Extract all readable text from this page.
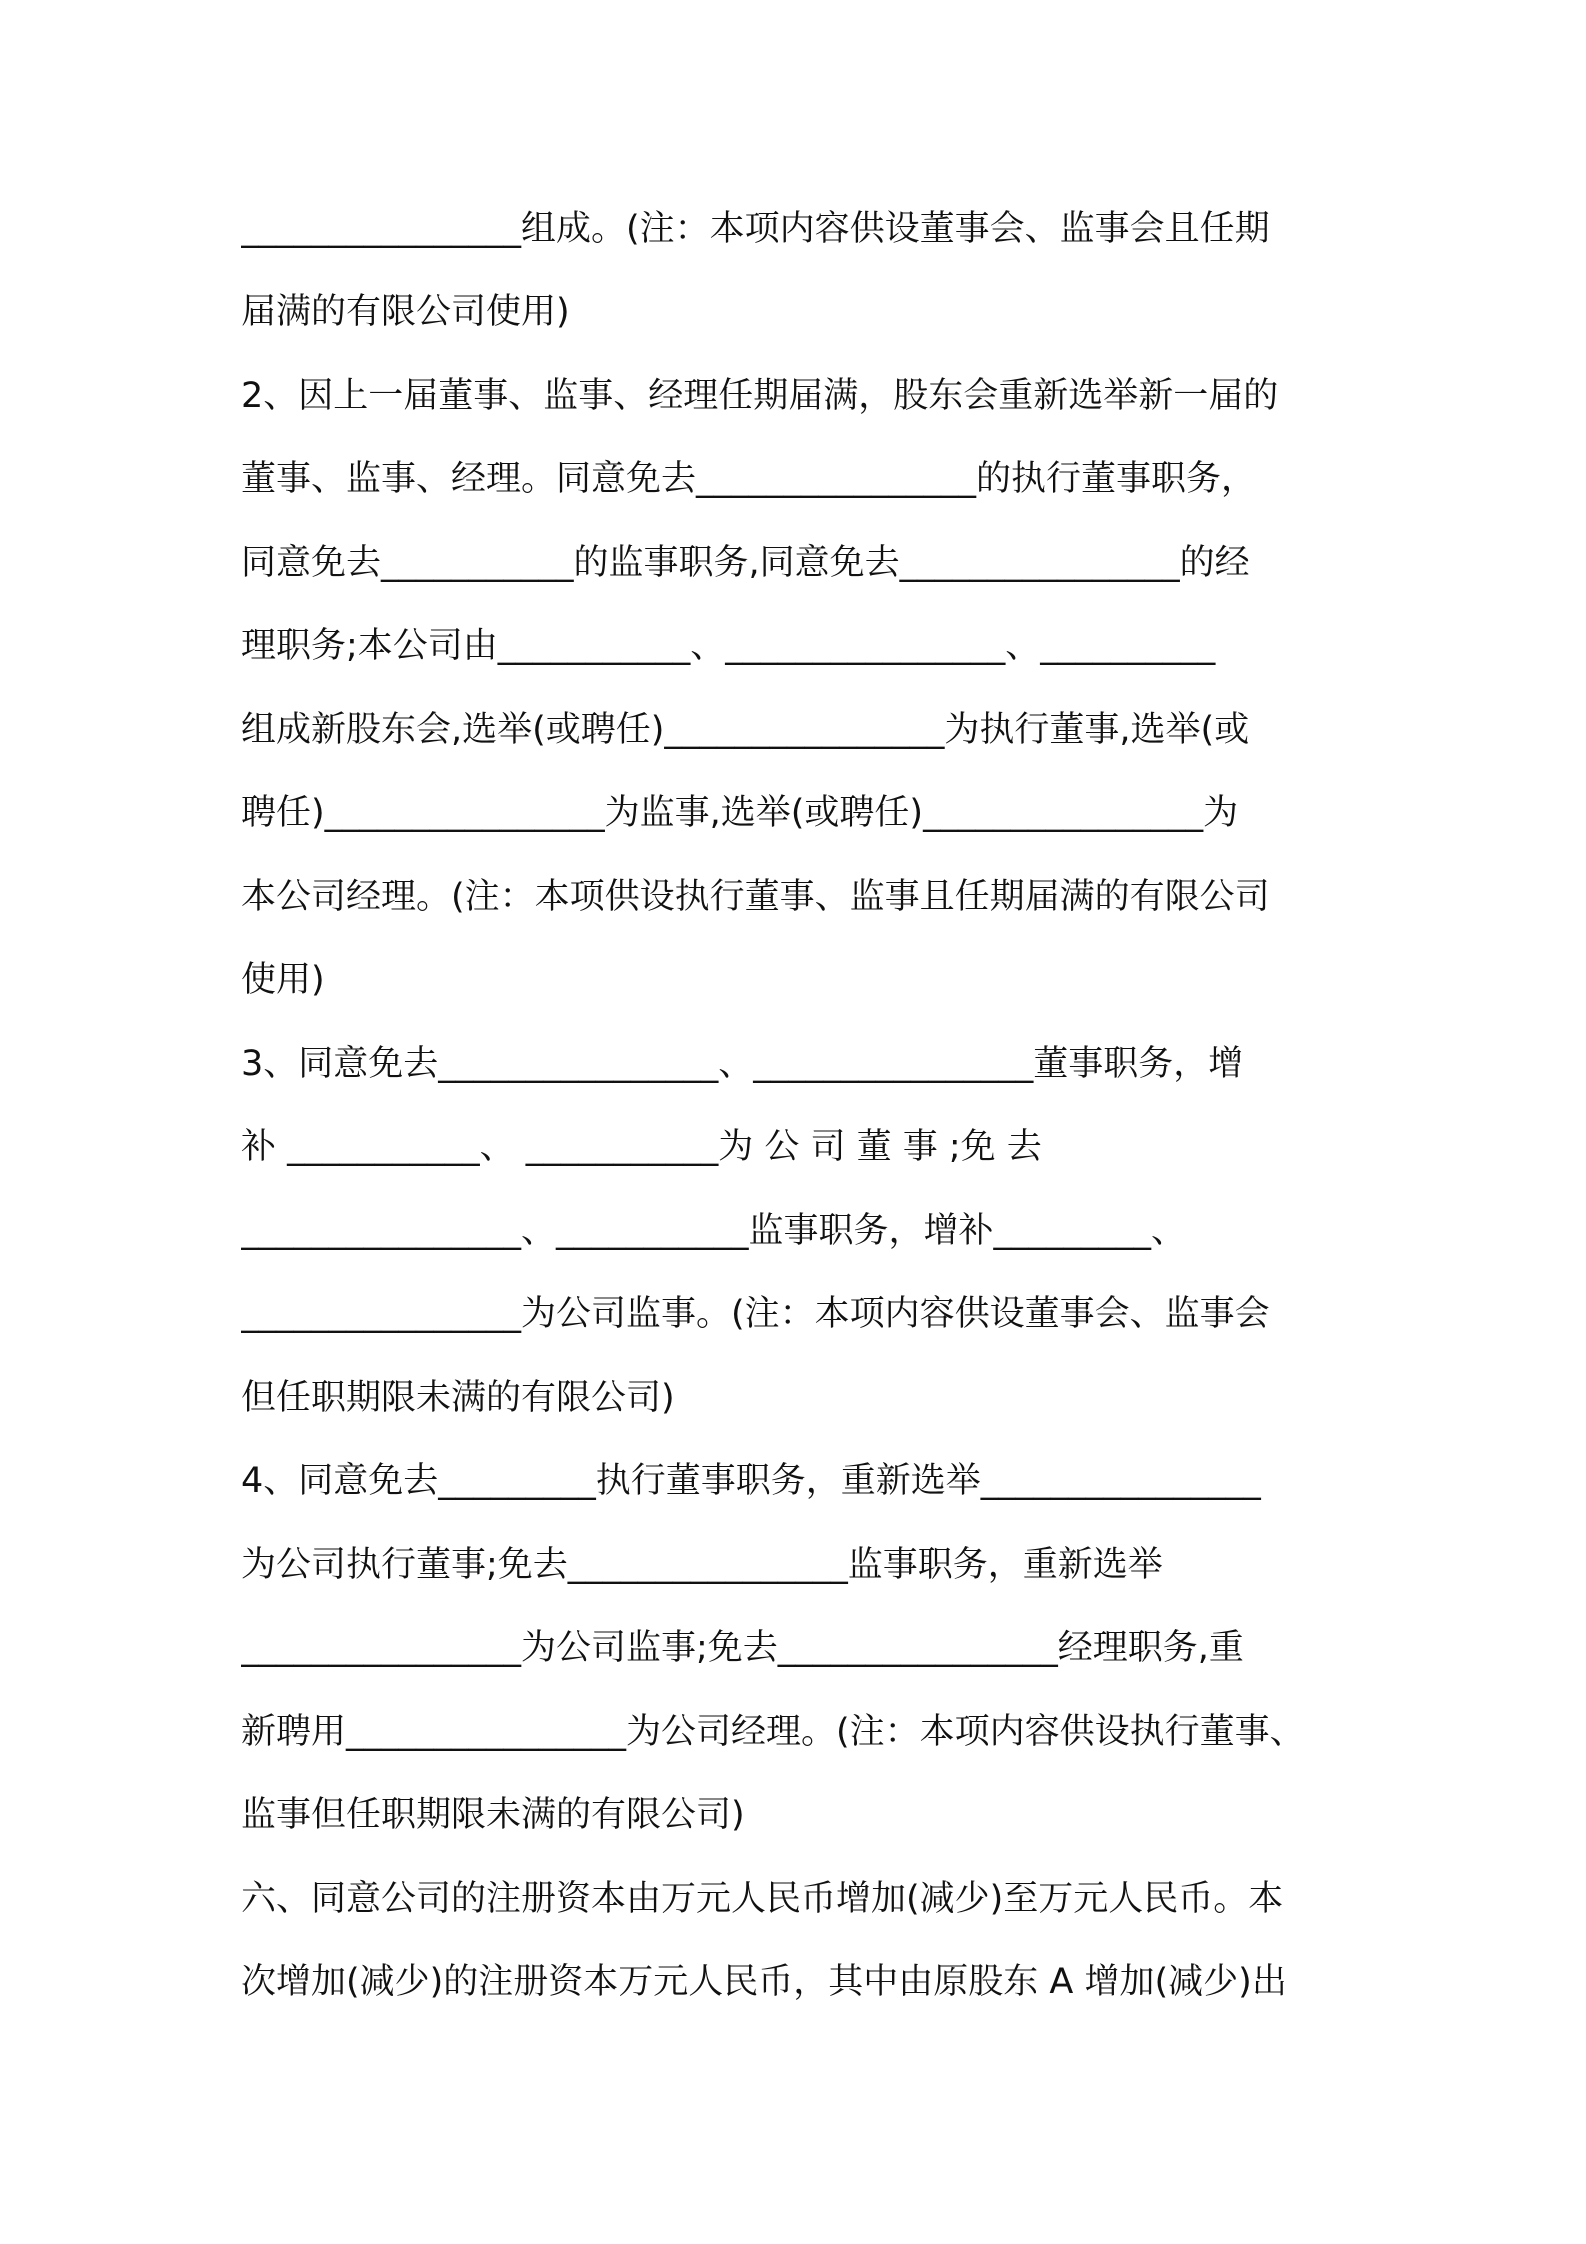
________________组成。(注：本项内容供设董事会、监事会且任期
届满的有限公司使用)
2、因上一届董事、监事、经理任期届满，股东会重新选举新一届的
董事、监事、经理。同意免去________________的执行董事职务，
同意免去___________的监事职务,同意免去________________的经
理职务;本公司由___________、________________、__________
组成新股东会,选举(或聘任)________________为执行董事,选举(或
聘任)________________为监事,选举(或聘任)________________为
本公司经理。(注：本项供设执行董事、监事且任期届满的有限公司
使用)
3、同意免去________________、________________董事职务，增
补 ___________、 ___________为 公 司 董 事 ;免 去
________________、___________监事职务，增补_________、
________________为公司监事。(注：本项内容供设董事会、监事会
但任职期限未满的有限公司)
4、同意免去_________执行董事职务，重新选举________________
为公司执行董事;免去________________监事职务，重新选举
________________为公司监事;免去________________经理职务,重
新聘用________________为公司经理。(注：本项内容供设执行董事、
监事但任职期限未满的有限公司)
六、同意公司的注册资本由万元人民币增加(减少)至万元人民币。本
次增加(减少)的注册资本万元人民币，其中由原股东 A 增加(减少)出
